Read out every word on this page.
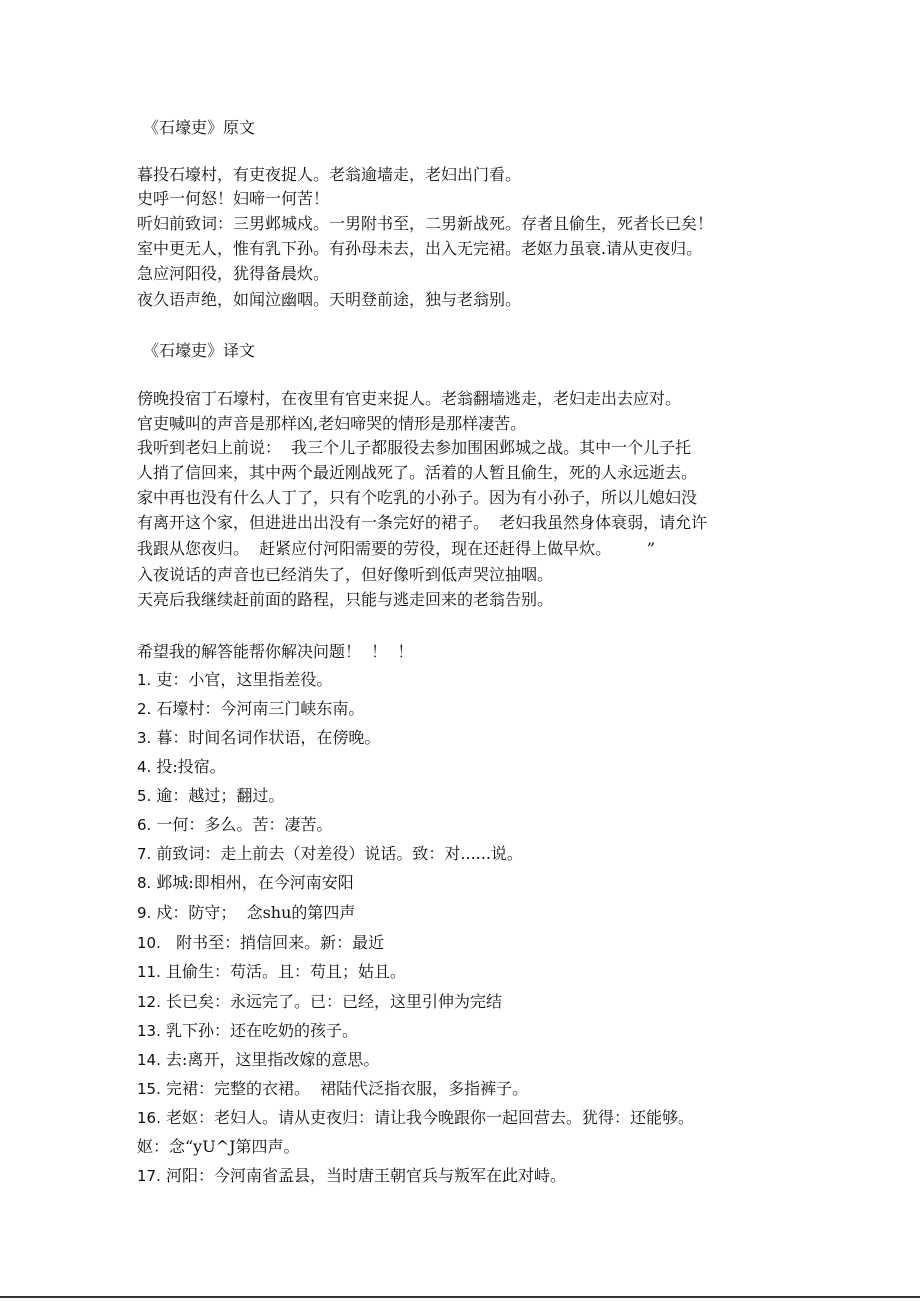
《石壕吏》原文
暮投石壕村，有吏夜捉人。老翁逾墙走，老妇出门看。
史呼一何怒！妇啼一何苦！
听妇前致词：三男邺城戍。一男附书至，二男新战死。存者且偷生，死者长已矣！
室中更无人，惟有乳下孙。有孙母未去，出入无完裙。老妪力虽衰.请从吏夜归。
急应河阳役，犹得备晨炊。
夜久语声绝，如闻泣幽咽。天明登前途，独与老翁别。
《石壕吏》译文
傍晚投宿丁石壕村，在夜里有官吏来捉人。老翁翻墙逃走，老妇走出去应对。
官吏喊叫的声音是那样凶,老妇啼哭的情形是那样凄苦。
我听到老妇上前说：  我三个儿子都服役去参加围困邺城之战。其中一个儿子托
人捎了信回来，其中两个最近刚战死了。活着的人暂且偷生，死的人永远逝去。
家中再也没有什么人丁了，只有个吃乳的小孙子。因为有小孙子，所以儿媳妇没
有离开这个家，但进进出出没有一条完好的裙子。  老妇我虽然身体衰弱，请允许
我跟从您夜归。  赶紧应付河阳需要的劳役，现在还赶得上做早炊。       ”
入夜说话的声音也已经消失了，但好像听到低声哭泣抽咽。
天亮后我继续赶前面的路程，只能与逃走回来的老翁告别。
希望我的解答能帮你解决问题！  ！  ！
1. 吏：小官，这里指差役。
2. 石壕村：今河南三门峡东南。
3. 暮：时间名词作状语，在傍晚。
4. 投:投宿。
5. 逾：越过；翻过。
6. 一何：多么。苦：凄苦。
7. 前致词：走上前去（对差役）说话。致：对......说。
8. 邺城:即相州，在今河南安阳
9. 戍：防守；  念shu的第四声
10.   附书至：捎信回来。新：最近
11. 且偷生：苟活。且：苟且；姑且。
12. 长已矣：永远完了。已：已经，这里引伸为完结
13. 乳下孙：还在吃奶的孩子。
14. 去:离开，这里指改嫁的意思。
15. 完裙：完整的衣裙。  裙陆代泛指衣服，多指裤子。
16. 老妪：老妇人。请从吏夜归：请让我今晚跟你一起回营去。犹得：还能够。
妪：念“yU^J第四声。
17. 河阳：今河南省孟县，当时唐王朝官兵与叛军在此对峙。
